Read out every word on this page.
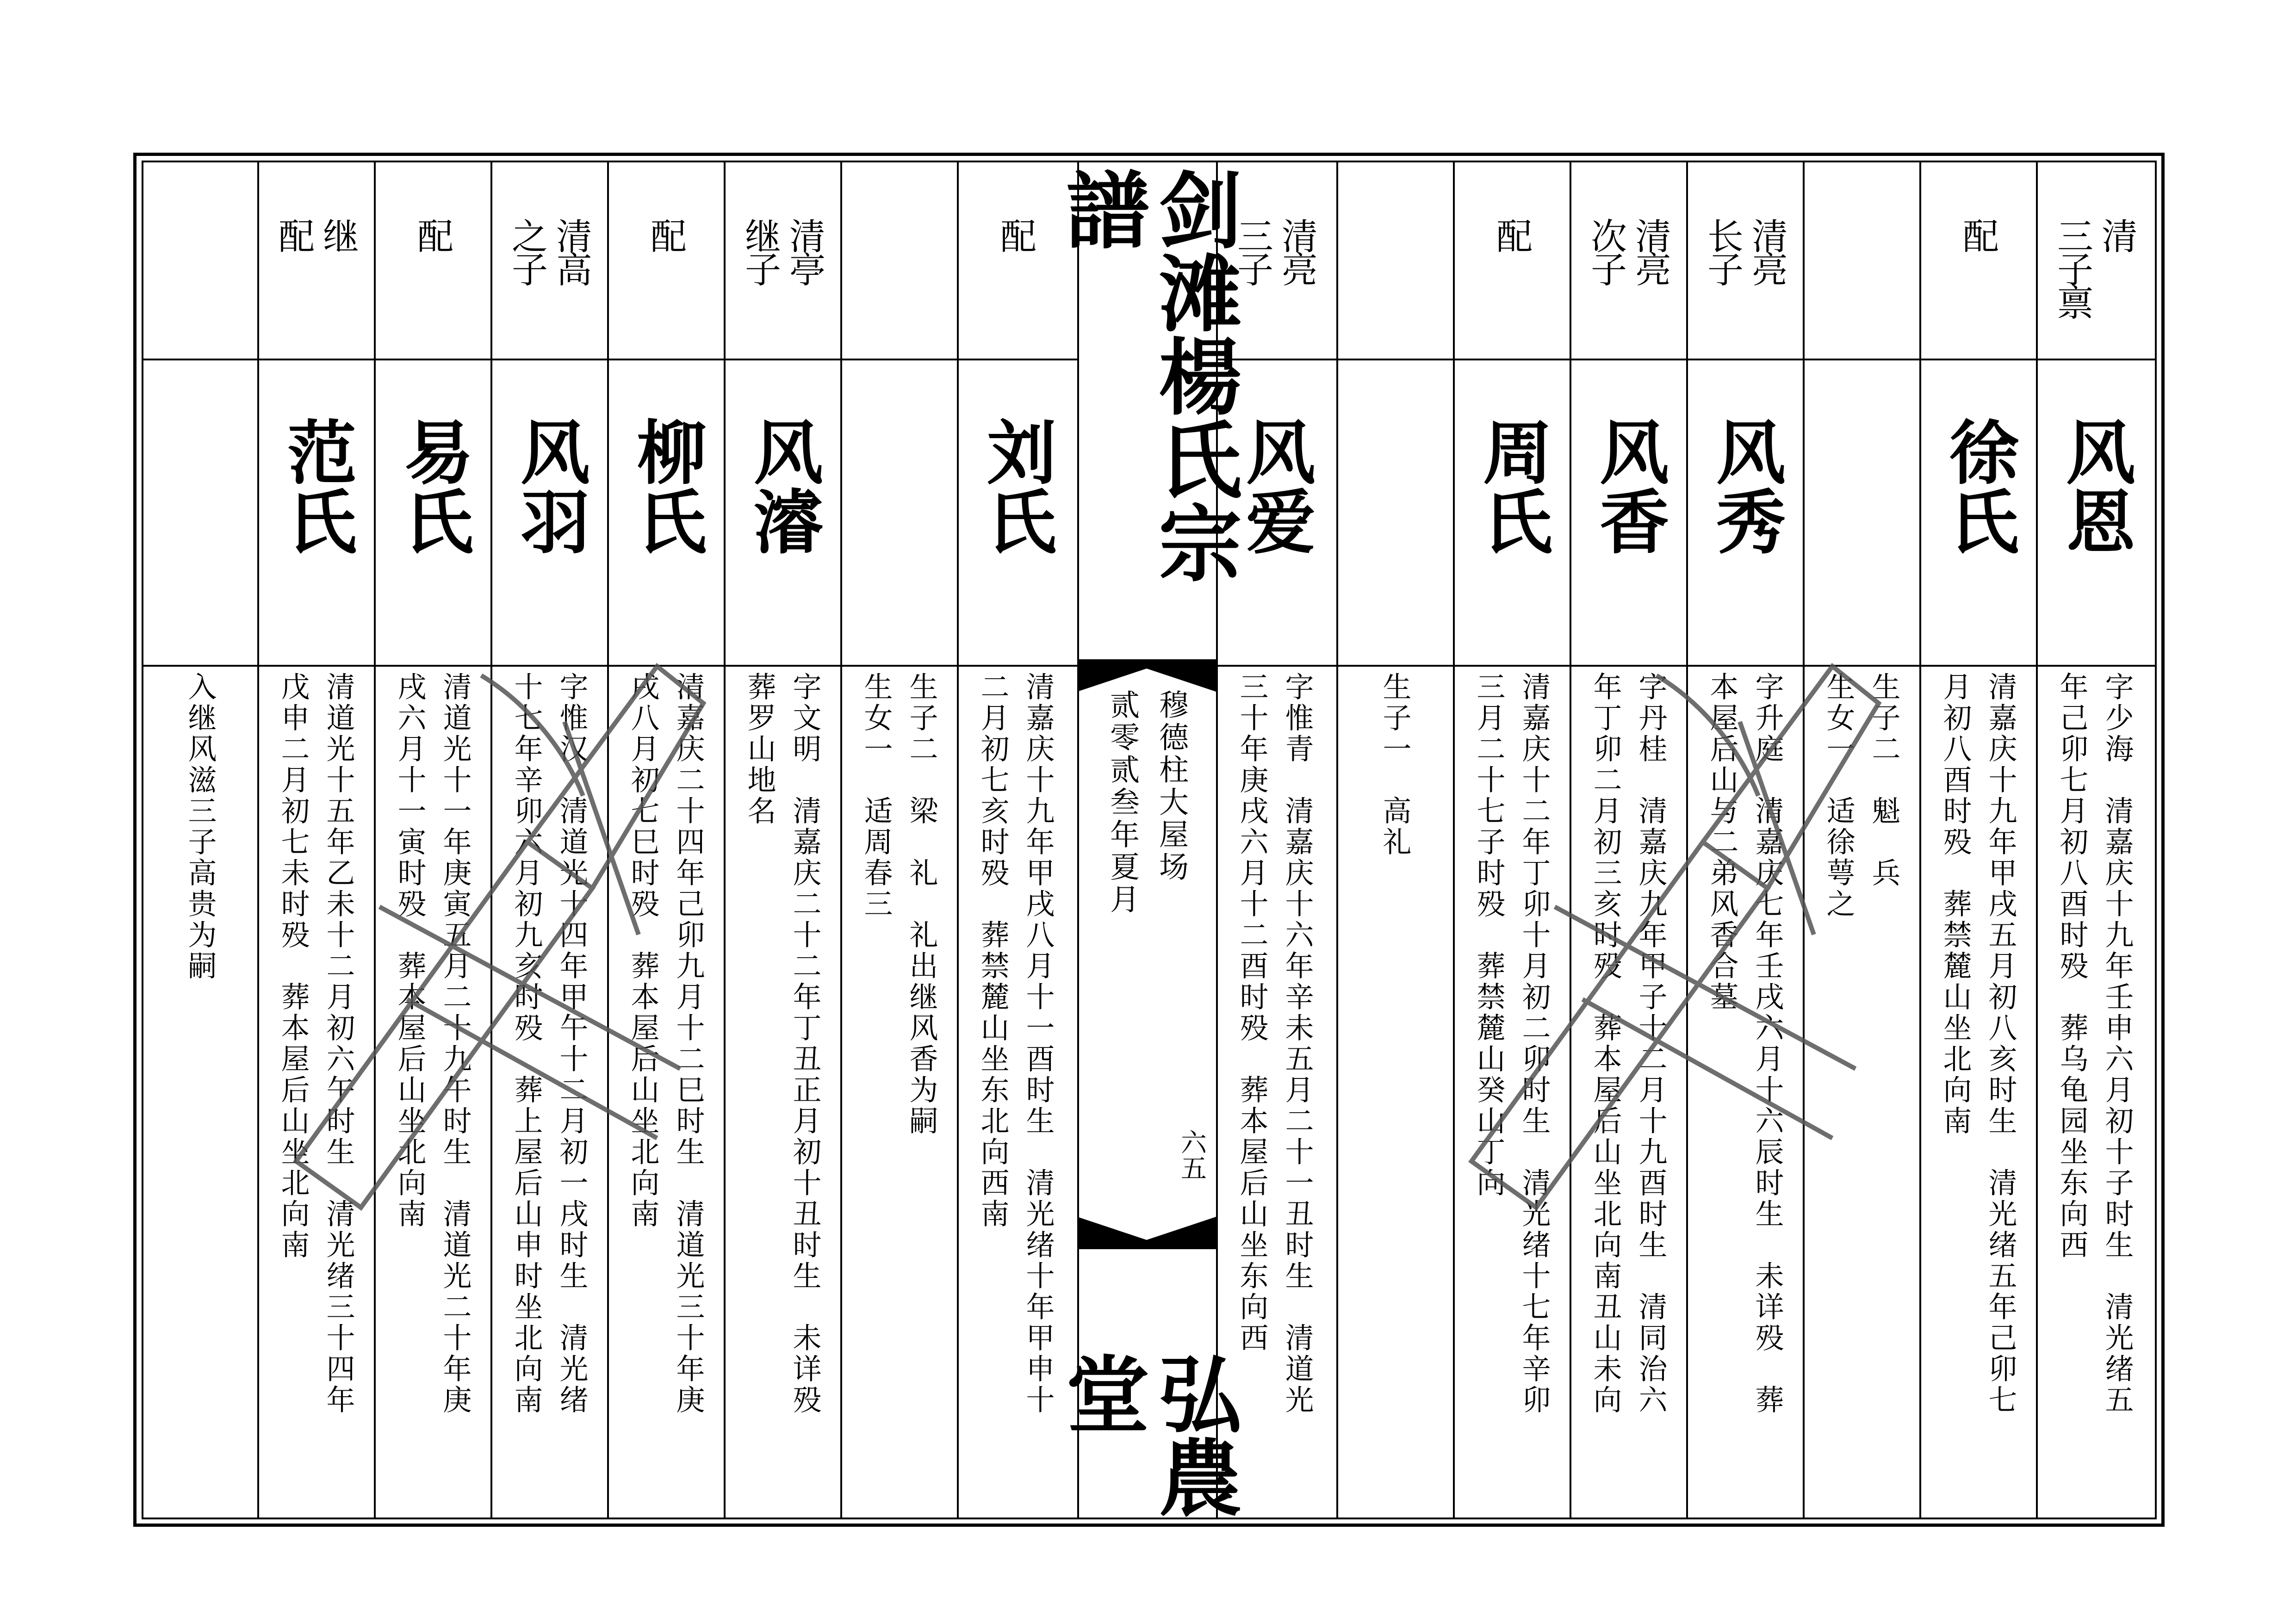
剑滩楊氏宗譜
弘農堂
穆德柱大屋场
贰零贰叁年夏月
六五
清
三子禀
风恩
字少海　清嘉庆十九年壬申六月初十子时生　清光绪五
年己卯七月初八酉时殁　葬乌龟园坐东向西
配
徐氏
清嘉庆十九年甲戌五月初八亥时生　清光绪五年己卯七
月初八酉时殁　葬禁麓山坐北向南
生子二　魁　兵
生女一　适徐萼之
清亮
长子
风秀
字升庭　清嘉庆七年壬戌六月十六辰时生　未详殁　葬
本屋后山与二弟风香合墓
清亮
次子
风香
字丹桂　清嘉庆九年甲子十二月十九酉时生　清同治六
年丁卯二月初三亥时殁　葬本屋后山坐北向南丑山未向
配
周氏
清嘉庆十二年丁卯十月初二卯时生　清光绪十七年辛卯
三月二十七子时殁　葬禁麓山癸山丁向
生子一　高礼
清亮
三子
风爱
字惟青　清嘉庆十六年辛未五月二十一丑时生　清道光
三十年庚戌六月十二酉时殁　葬本屋后山坐东向西
配
刘氏
清嘉庆十九年甲戌八月十一酉时生　清光绪十年甲申十
二月初七亥时殁　葬禁麓山坐东北向西南
生子二　梁　礼　礼出继风香为嗣
生女一　适周春三
清亭
继子
风濬
字文明　清嘉庆二十二年丁丑正月初十丑时生　未详殁
葬罗山地名
配
柳氏
清嘉庆二十四年己卯九月十二巳时生　清道光三十年庚
戌八月初七巳时殁　葬本屋后山坐北向南
清高
之子
风羽
字惟汉　清道光十四年甲午十二月初一戌时生　清光绪
十七年辛卯六月初九亥时殁　葬上屋后山申时坐北向南
配
易氏
清道光十一年庚寅五月二十九午时生　清道光二十年庚
戌六月十一寅时殁　葬本屋后山坐北向南
继
配
范氏
清道光十五年乙未十二月初六午时生　清光绪三十四年
戊申二月初七未时殁　葬本屋后山坐北向南
入继风滋三子高贵为嗣
